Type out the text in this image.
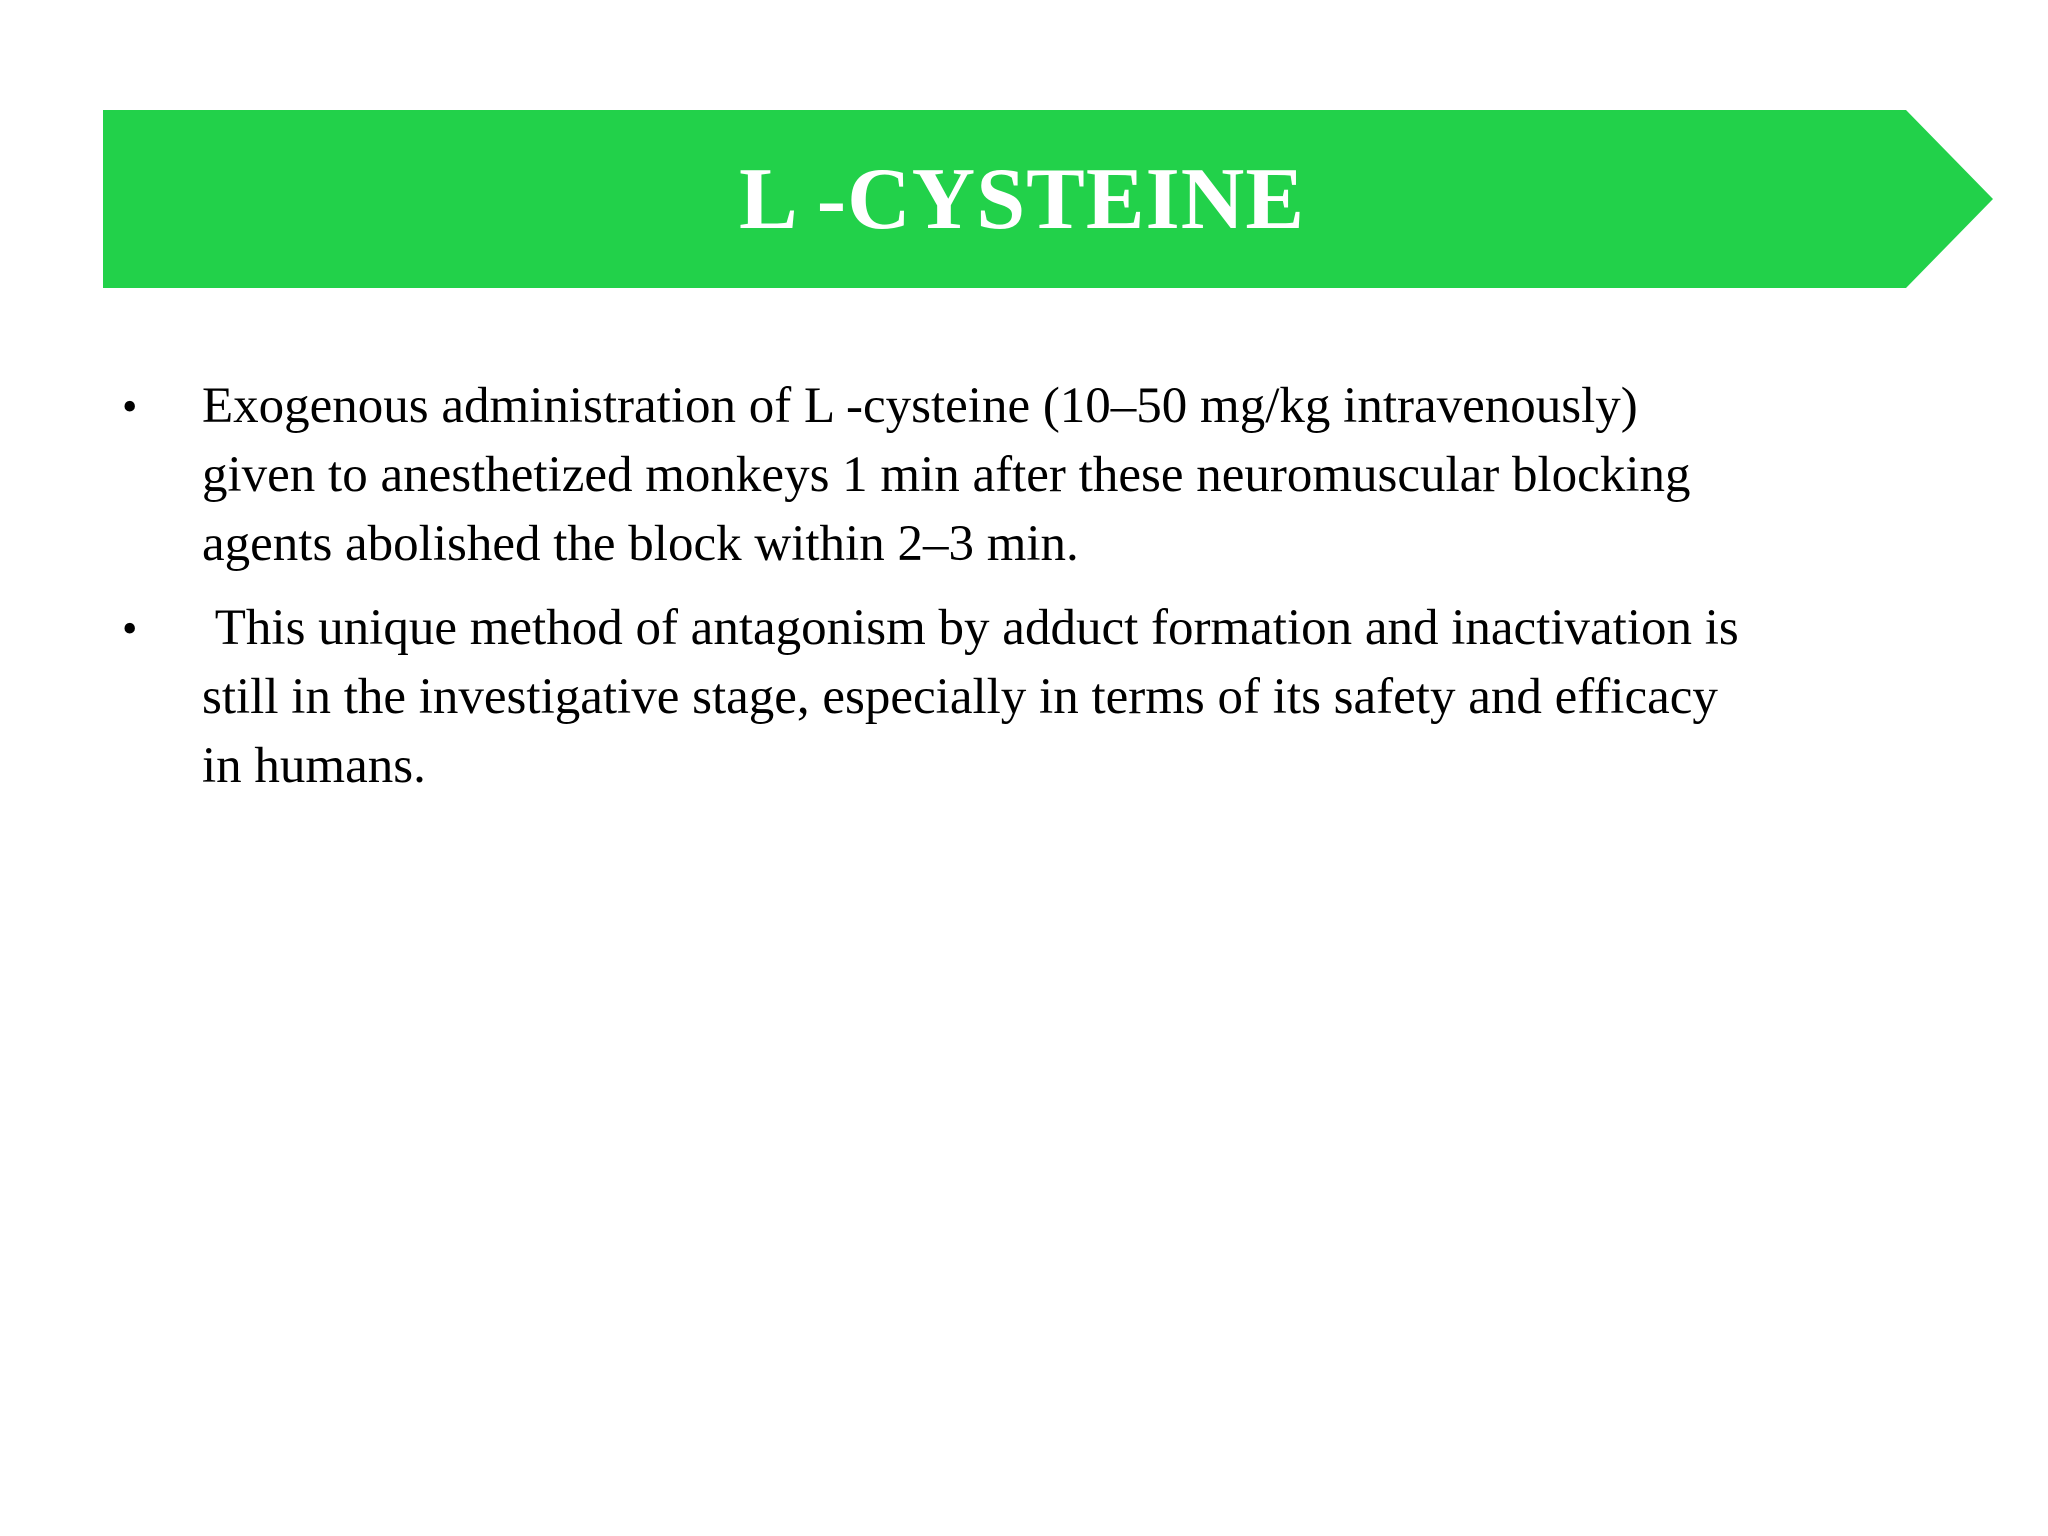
L -CYSTEINE
• Exogenous administration of L -cysteine (10–50 mg/kg intravenously)
given to anesthetized monkeys 1 min after these neuromuscular blocking
agents abolished the block within 2–3 min.
• This unique method of antagonism by adduct formation and inactivation is
still in the investigative stage, especially in terms of its safety and efficacy
in humans.
